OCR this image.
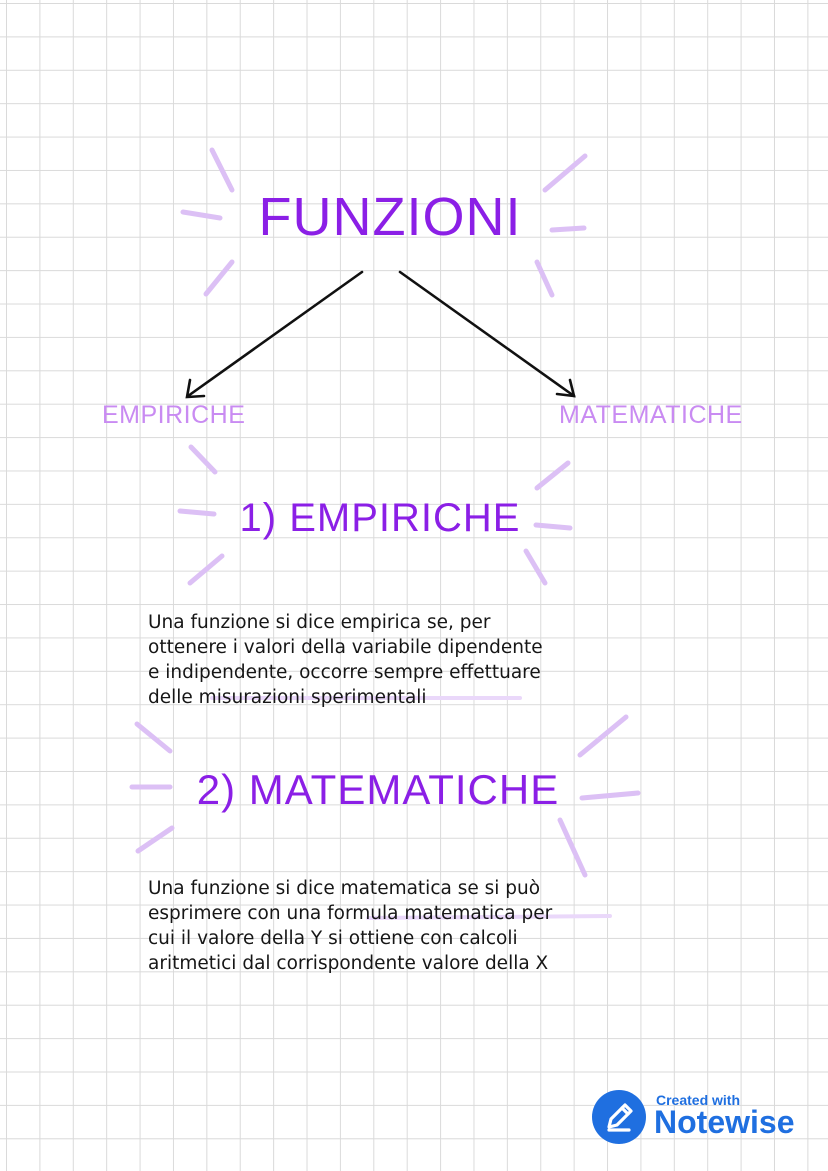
FUNZIONI
EMPIRICHE	MATEMATICHE
1) EMPIRICHE
Una funzione si dice empirica se, per
ottenere i valori della variabile dipendente
e indipendente, occorre sempre effettuare
delle misurazioni sperimentali
2) MATEMATICHE
Una funzione si dice matematica se si può
esprimere con una formula matematica per
cui il valore della Y si ottiene con calcoli
aritmetici dal corrispondente valore della X
Created with
Notewise
